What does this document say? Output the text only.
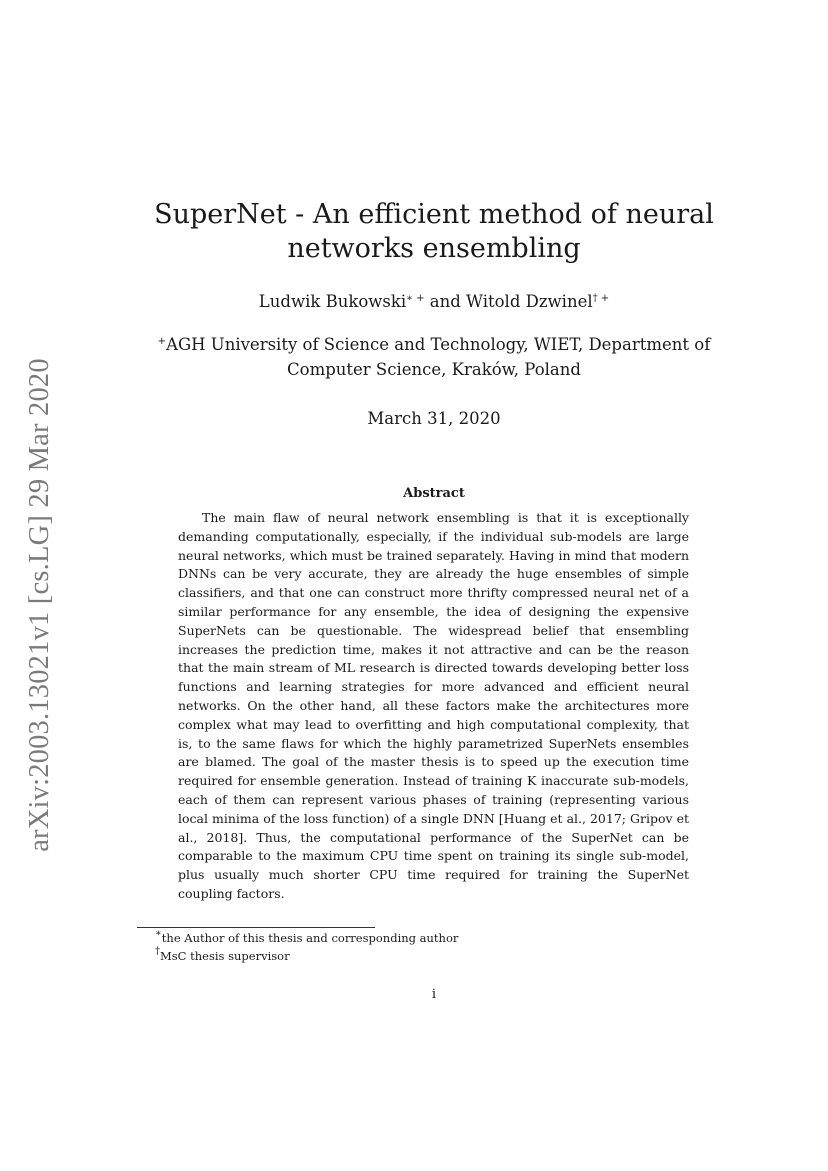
arXiv:2003.13021v1 [cs.LG] 29 Mar 2020
SuperNet - An efficient method of neural
networks ensembling
Ludwik Bukowski∗ + and Witold Dzwinel† +
+AGH University of Science and Technology, WIET, Department of
Computer Science, Kraków, Poland
March 31, 2020
Abstract

The main flaw of neural network ensembling is that it is exceptionally demanding computationally, especially, if the individual sub-models are large neural networks, which must be trained separately. Having in mind that modern DNNs can be very accurate, they are already the huge ensembles of simple classifiers, and that one can construct more thrifty compressed neural net of a similar performance for any ensemble, the idea of designing the expensive SuperNets can be questionable. The widespread belief that ensembling increases the prediction time, makes it not attractive and can be the reason that the main stream of ML research is directed towards developing better loss functions and learning strategies for more advanced and efficient neural networks. On the other hand, all these factors make the architectures more complex what may lead to overfitting and high computational complexity, that is, to the same flaws for which the highly parametrized SuperNets ensembles are blamed. The goal of the master thesis is to speed up the execution time required for ensemble generation. Instead of training K inaccurate sub-models, each of them can represent various phases of training (representing various local minima of the loss function) of a single DNN [Huang et al., 2017; Gripov et al., 2018]. Thus, the computational performance of the SuperNet can be comparable to the maximum CPU time spent on training its single sub-model, plus usually much shorter CPU time required for training the SuperNet coupling factors.

∗the Author of this thesis and corresponding author
†MsC thesis supervisor
i
